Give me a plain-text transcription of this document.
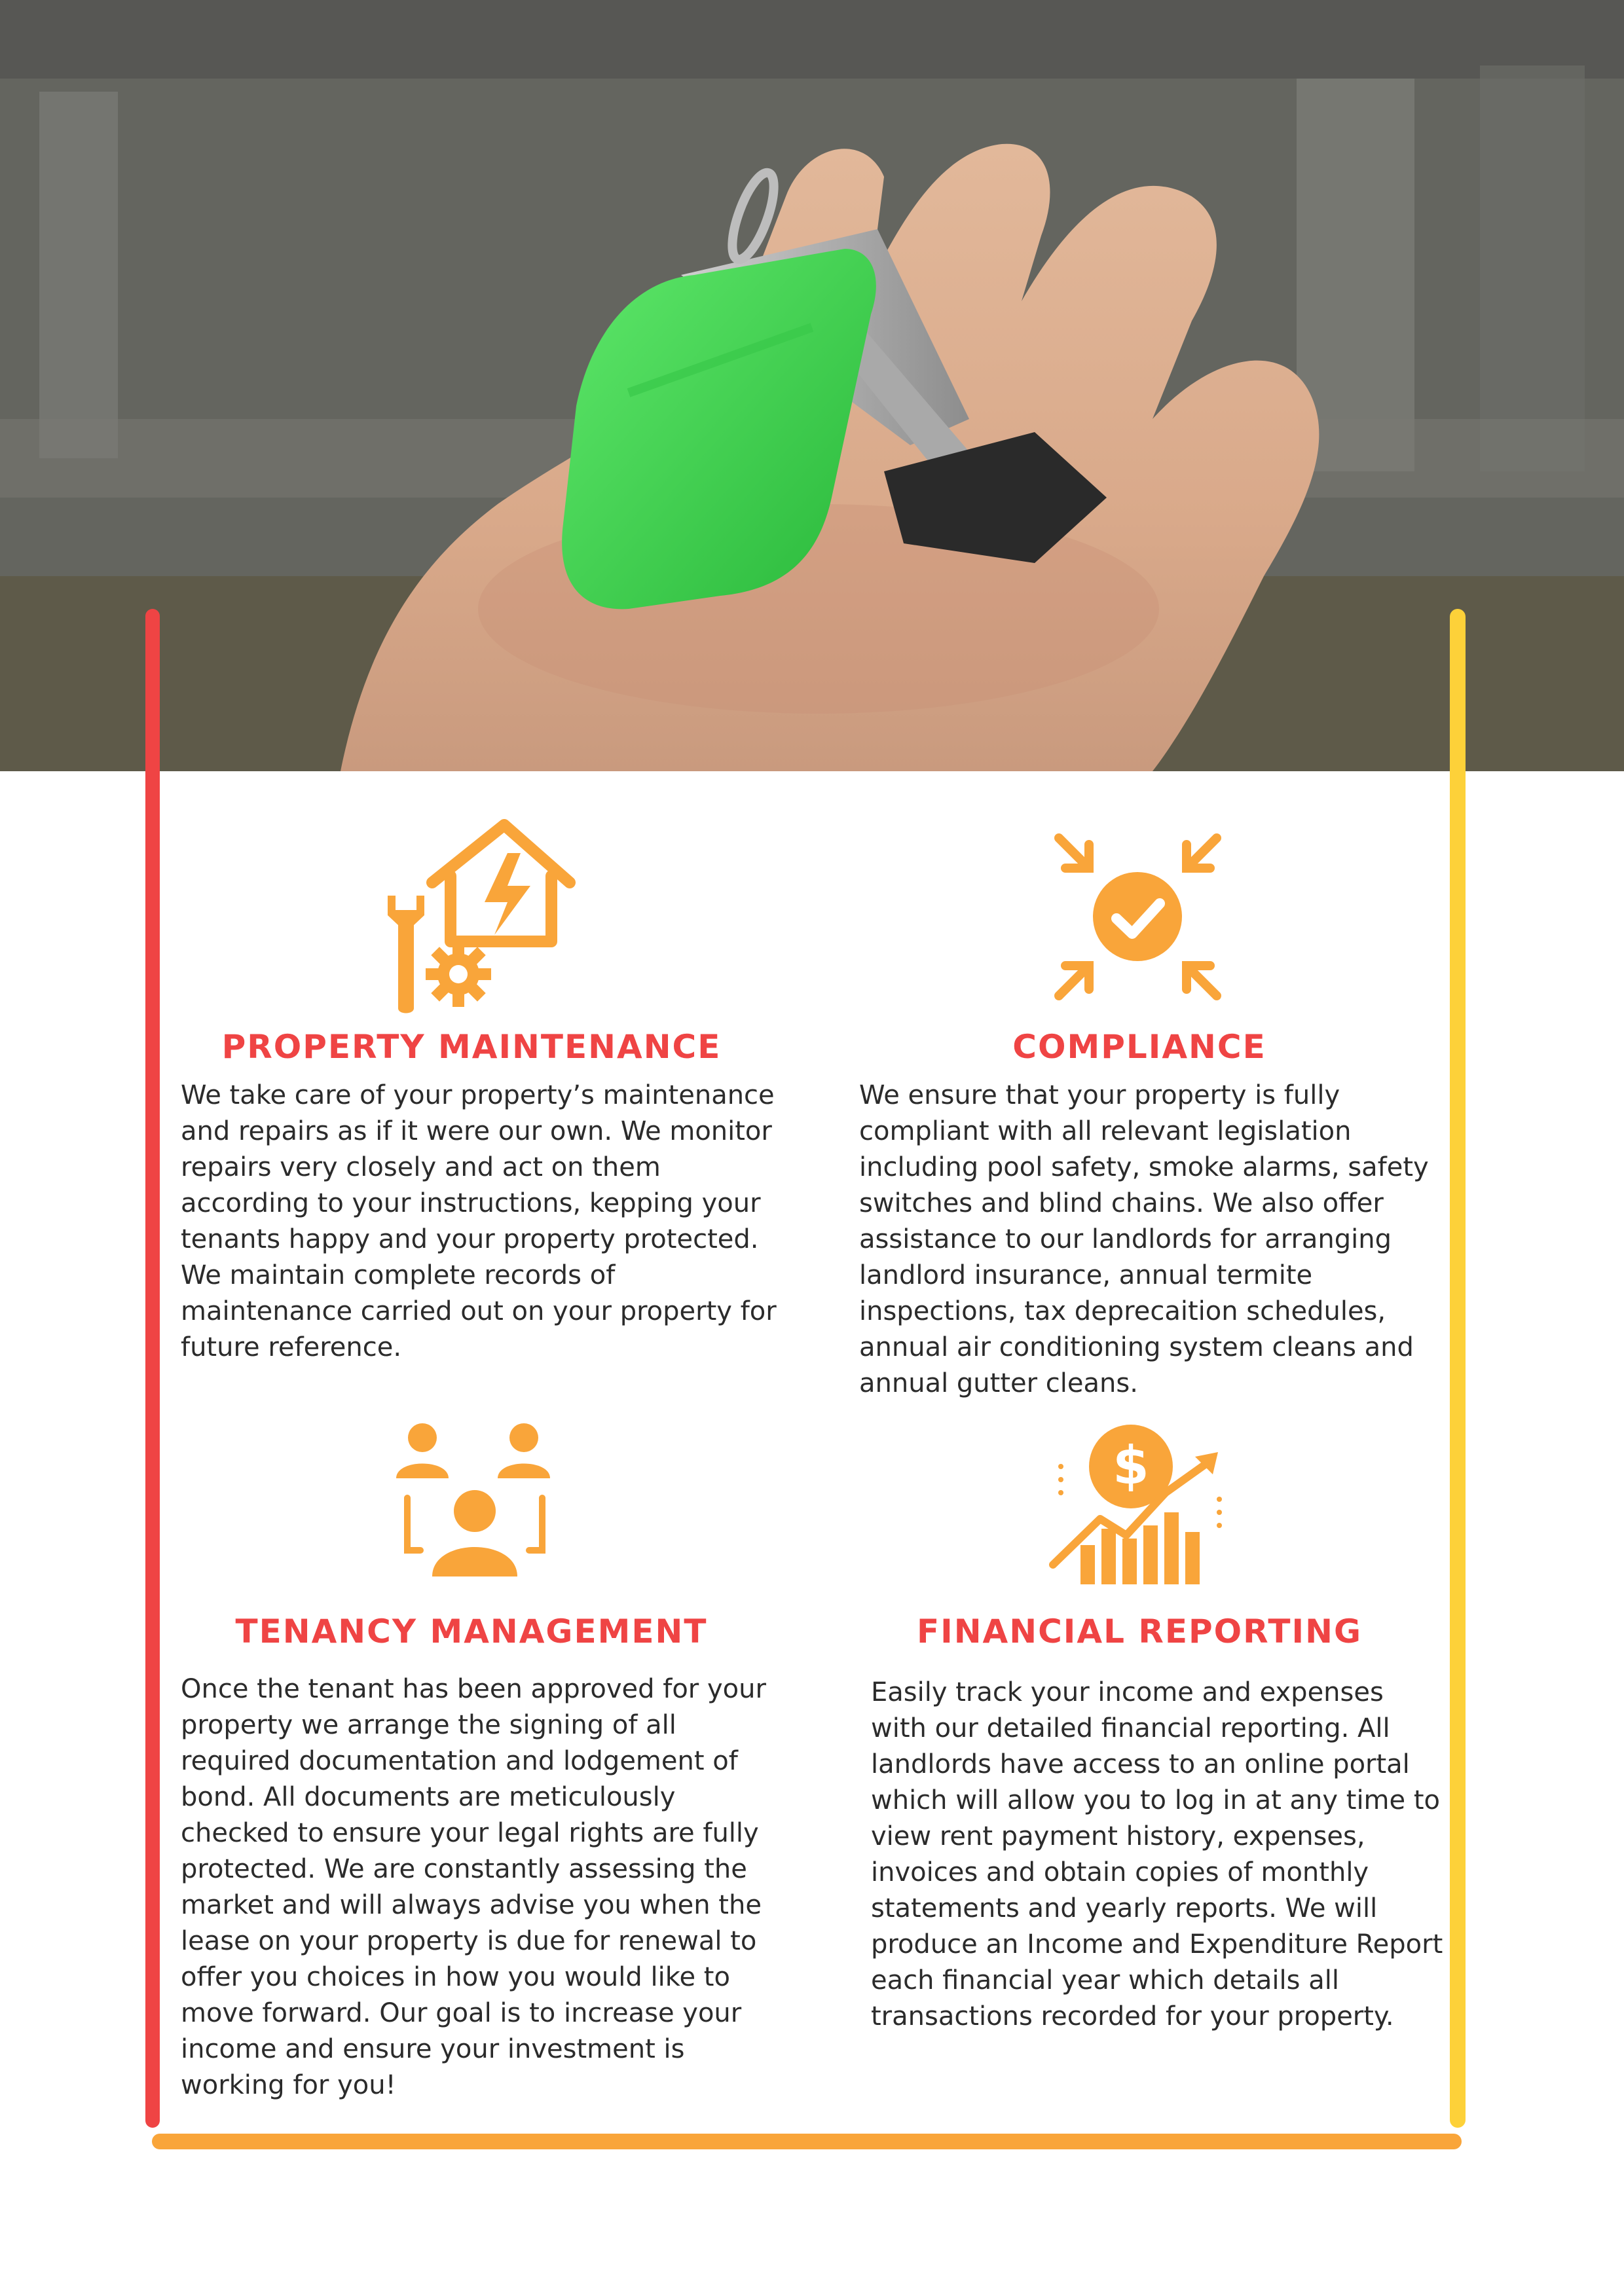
PROPERTY MAINTENANCE
We take care of your property’s maintenance and repairs as if it were our own. We monitor repairs very closely and act on them according to your instructions, kepping your tenants happy and your property protected. We maintain complete records of maintenance carried out on your property for future reference.
COMPLIANCE
We ensure that your property is fully compliant with all relevant legislation including pool safety, smoke alarms, safety switches and blind chains. We also offer assistance to our landlords for arranging landlord insurance, annual termite inspections, tax deprecaition schedules, annual air conditioning system cleans and annual gutter cleans.
TENANCY MANAGEMENT
Once the tenant has been approved for your property we arrange the signing of all required documentation and lodgement of bond. All documents are meticulously checked to ensure your legal rights are fully protected. We are constantly assessing the market and will always advise you when the lease on your property is due for renewal to offer you choices in how you would like to move forward. Our goal is to increase your income and ensure your investment is working for you!
$
FINANCIAL REPORTING
Easily track your income and expenses with our detailed financial reporting. All landlords have access to an online portal which will allow you to log in at any time to view rent payment history, expenses, invoices and obtain copies of monthly statements and yearly reports. We will produce an Income and Expenditure Report each financial year which details all transactions recorded for your property.
